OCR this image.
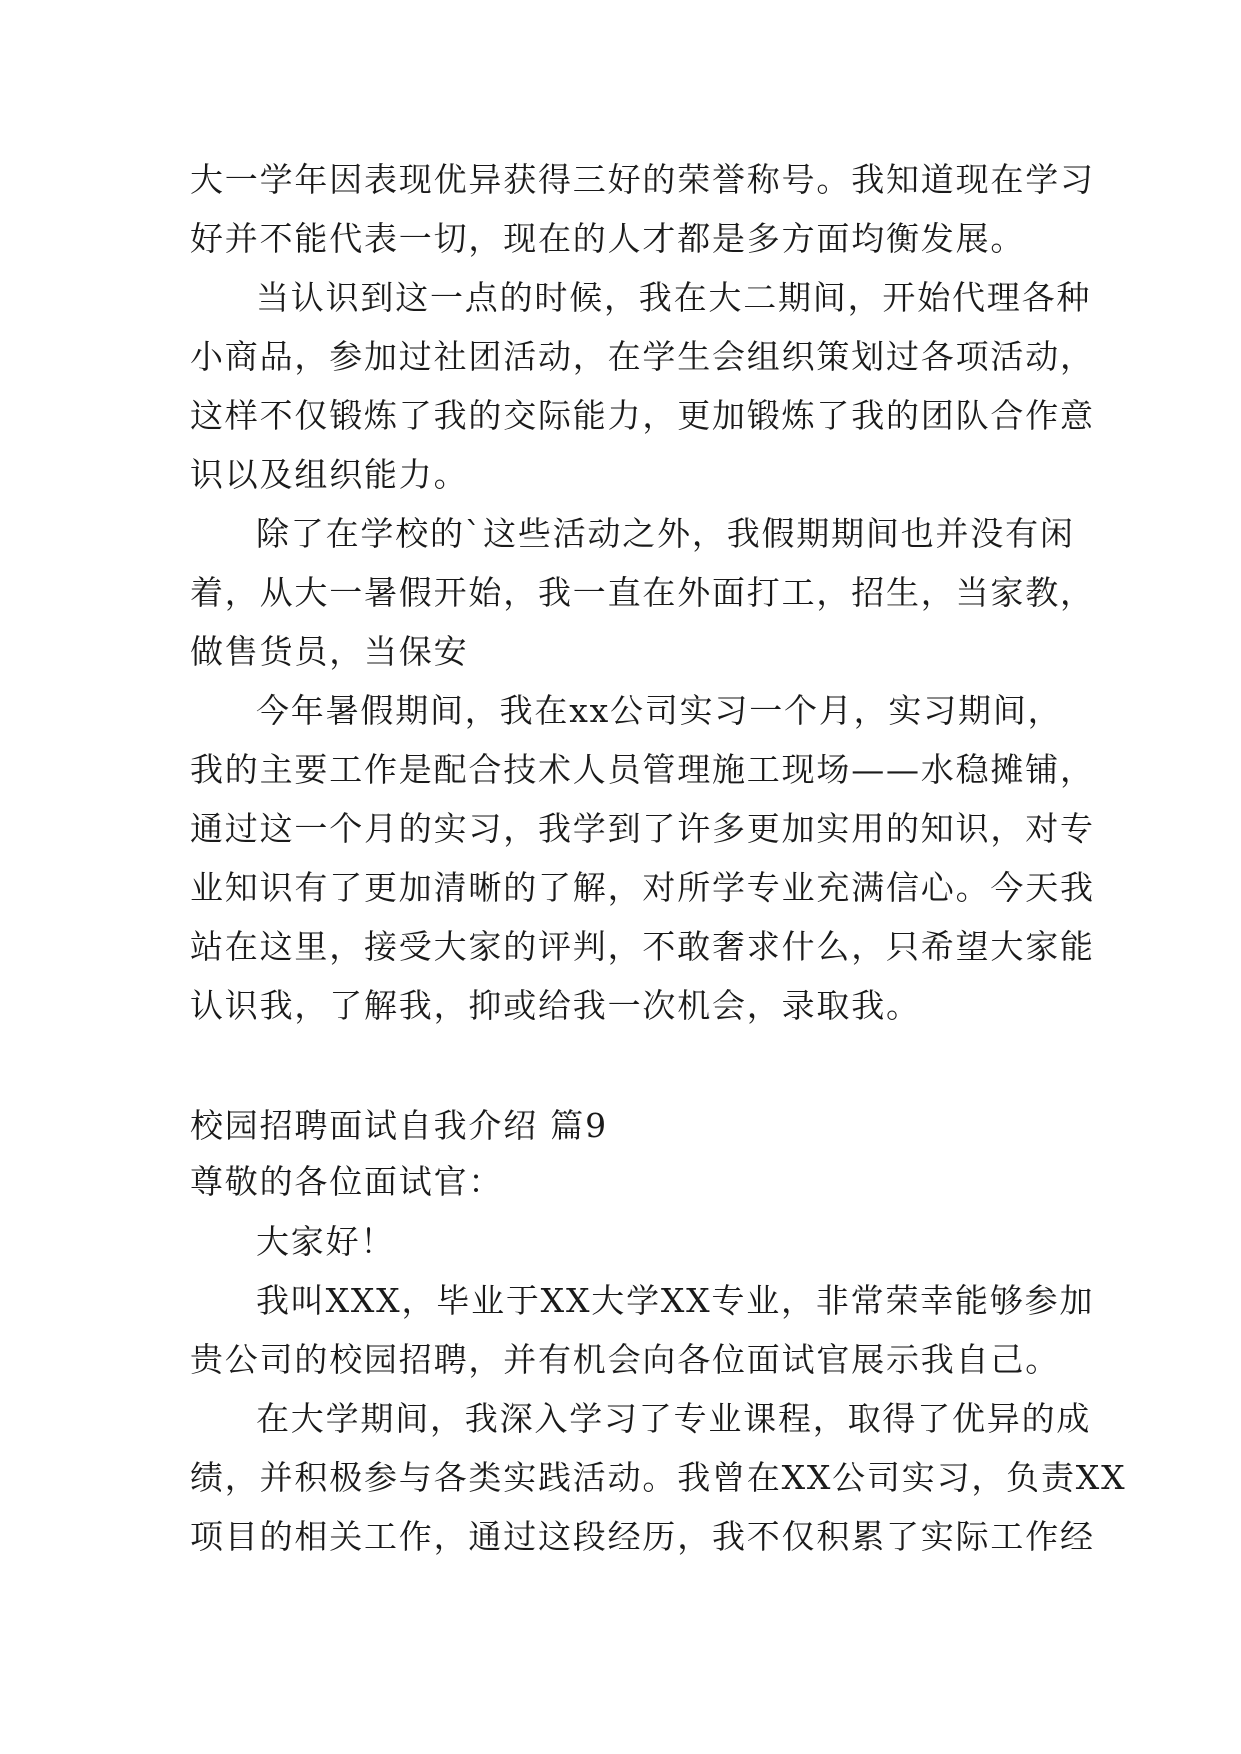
大一学年因表现优异获得三好的荣誉称号。我知道现在学习
好并不能代表一切，现在的人才都是多方面均衡发展。
当认识到这一点的时候，我在大二期间，开始代理各种
小商品，参加过社团活动，在学生会组织策划过各项活动，
这样不仅锻炼了我的交际能力，更加锻炼了我的团队合作意
识以及组织能力。
除了在学校的`这些活动之外，我假期期间也并没有闲
着，从大一暑假开始，我一直在外面打工，招生，当家教，
做售货员，当保安
今年暑假期间，我在xx公司实习一个月，实习期间，
我的主要工作是配合技术人员管理施工现场——水稳摊铺，
通过这一个月的实习，我学到了许多更加实用的知识，对专
业知识有了更加清晰的了解，对所学专业充满信心。今天我
站在这里，接受大家的评判，不敢奢求什么，只希望大家能
认识我，了解我，抑或给我一次机会，录取我。
校园招聘面试自我介绍 篇9
尊敬的各位面试官：
大家好！
我叫XXX，毕业于XX大学XX专业，非常荣幸能够参加
贵公司的校园招聘，并有机会向各位面试官展示我自己。
在大学期间，我深入学习了专业课程，取得了优异的成
绩，并积极参与各类实践活动。我曾在XX公司实习，负责XX
项目的相关工作，通过这段经历，我不仅积累了实际工作经
